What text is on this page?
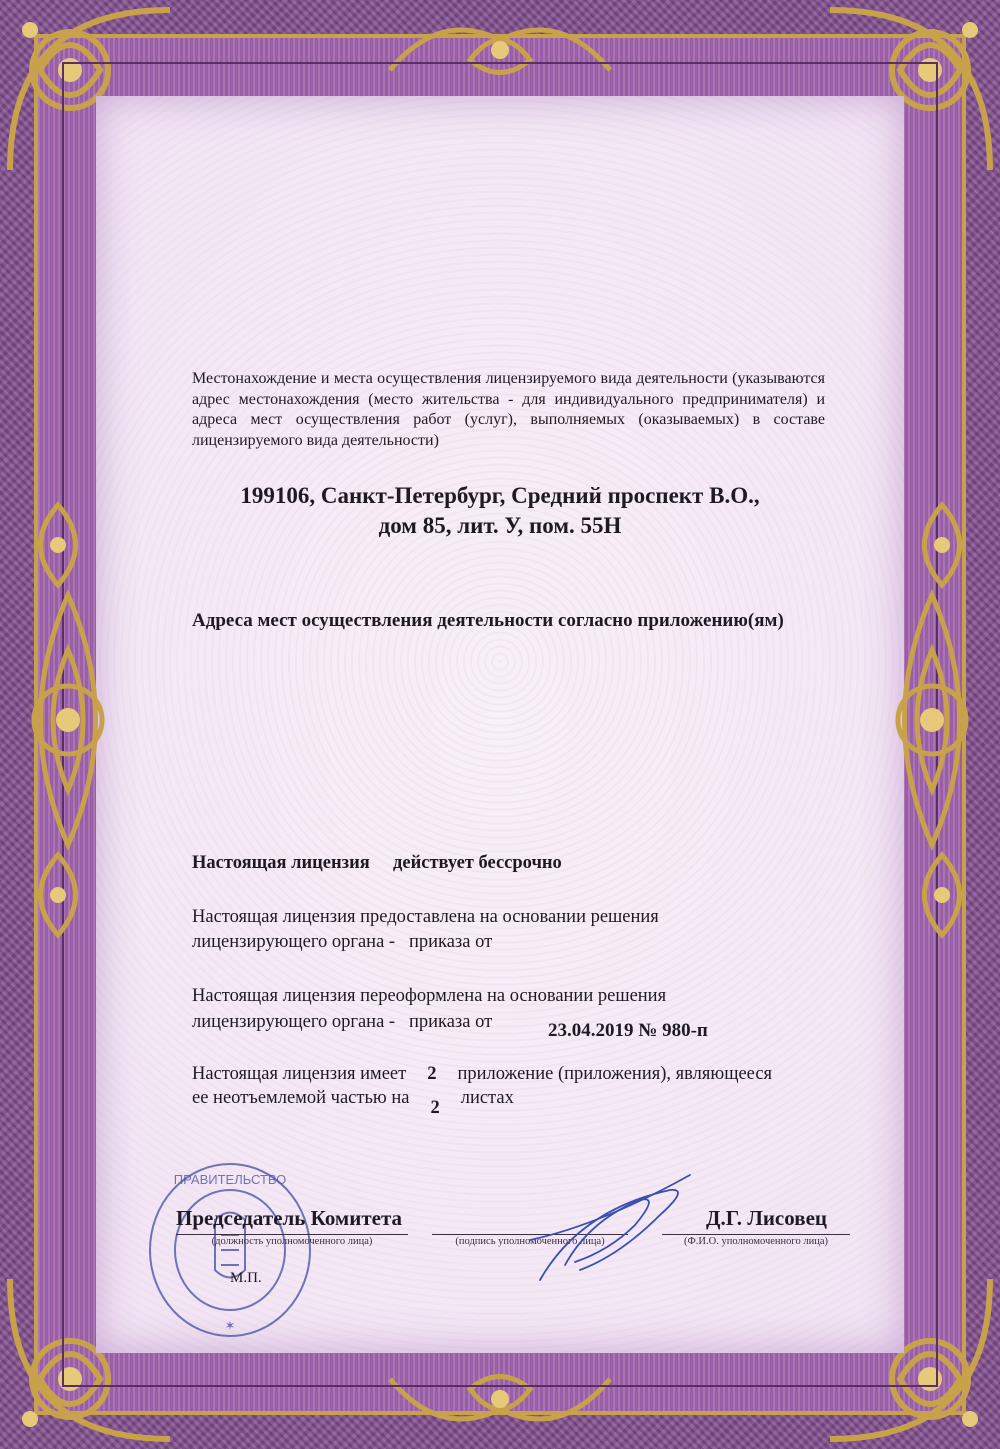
Местонахождение и места осуществления лицензируемого вида деятельности (указываются адрес местонахождения (место жительства - для индивидуального предпринимателя) и адреса мест осуществления работ (услуг), выполняемых (оказываемых) в составе лицензируемого вида деятельности)
199106, Санкт-Петербург, Средний проспект В.О.,
дом 85, лит. У, пом. 55Н
Адреса мест осуществления деятельности согласно приложению(ям)
Настоящая лицензия действует бессрочно
Настоящая лицензия предоставлена на основании решения
лицензирующего органа -   приказа от
Настоящая лицензия переоформлена на основании решения
лицензирующего органа -   приказа от	23.04.2019 № 980-п
Настоящая лицензия имеет 2 приложение (приложения), являющееся
ее неотъемлемой частью на 2 листах
ПРАВИТЕЛЬСТВО
✶
Председатель Комитета
(должность уполномоченного лица)	(подпись уполномоченного лица)
Д.Г. Лисовец
(Ф.И.О. уполномоченного лица)
М.П.
